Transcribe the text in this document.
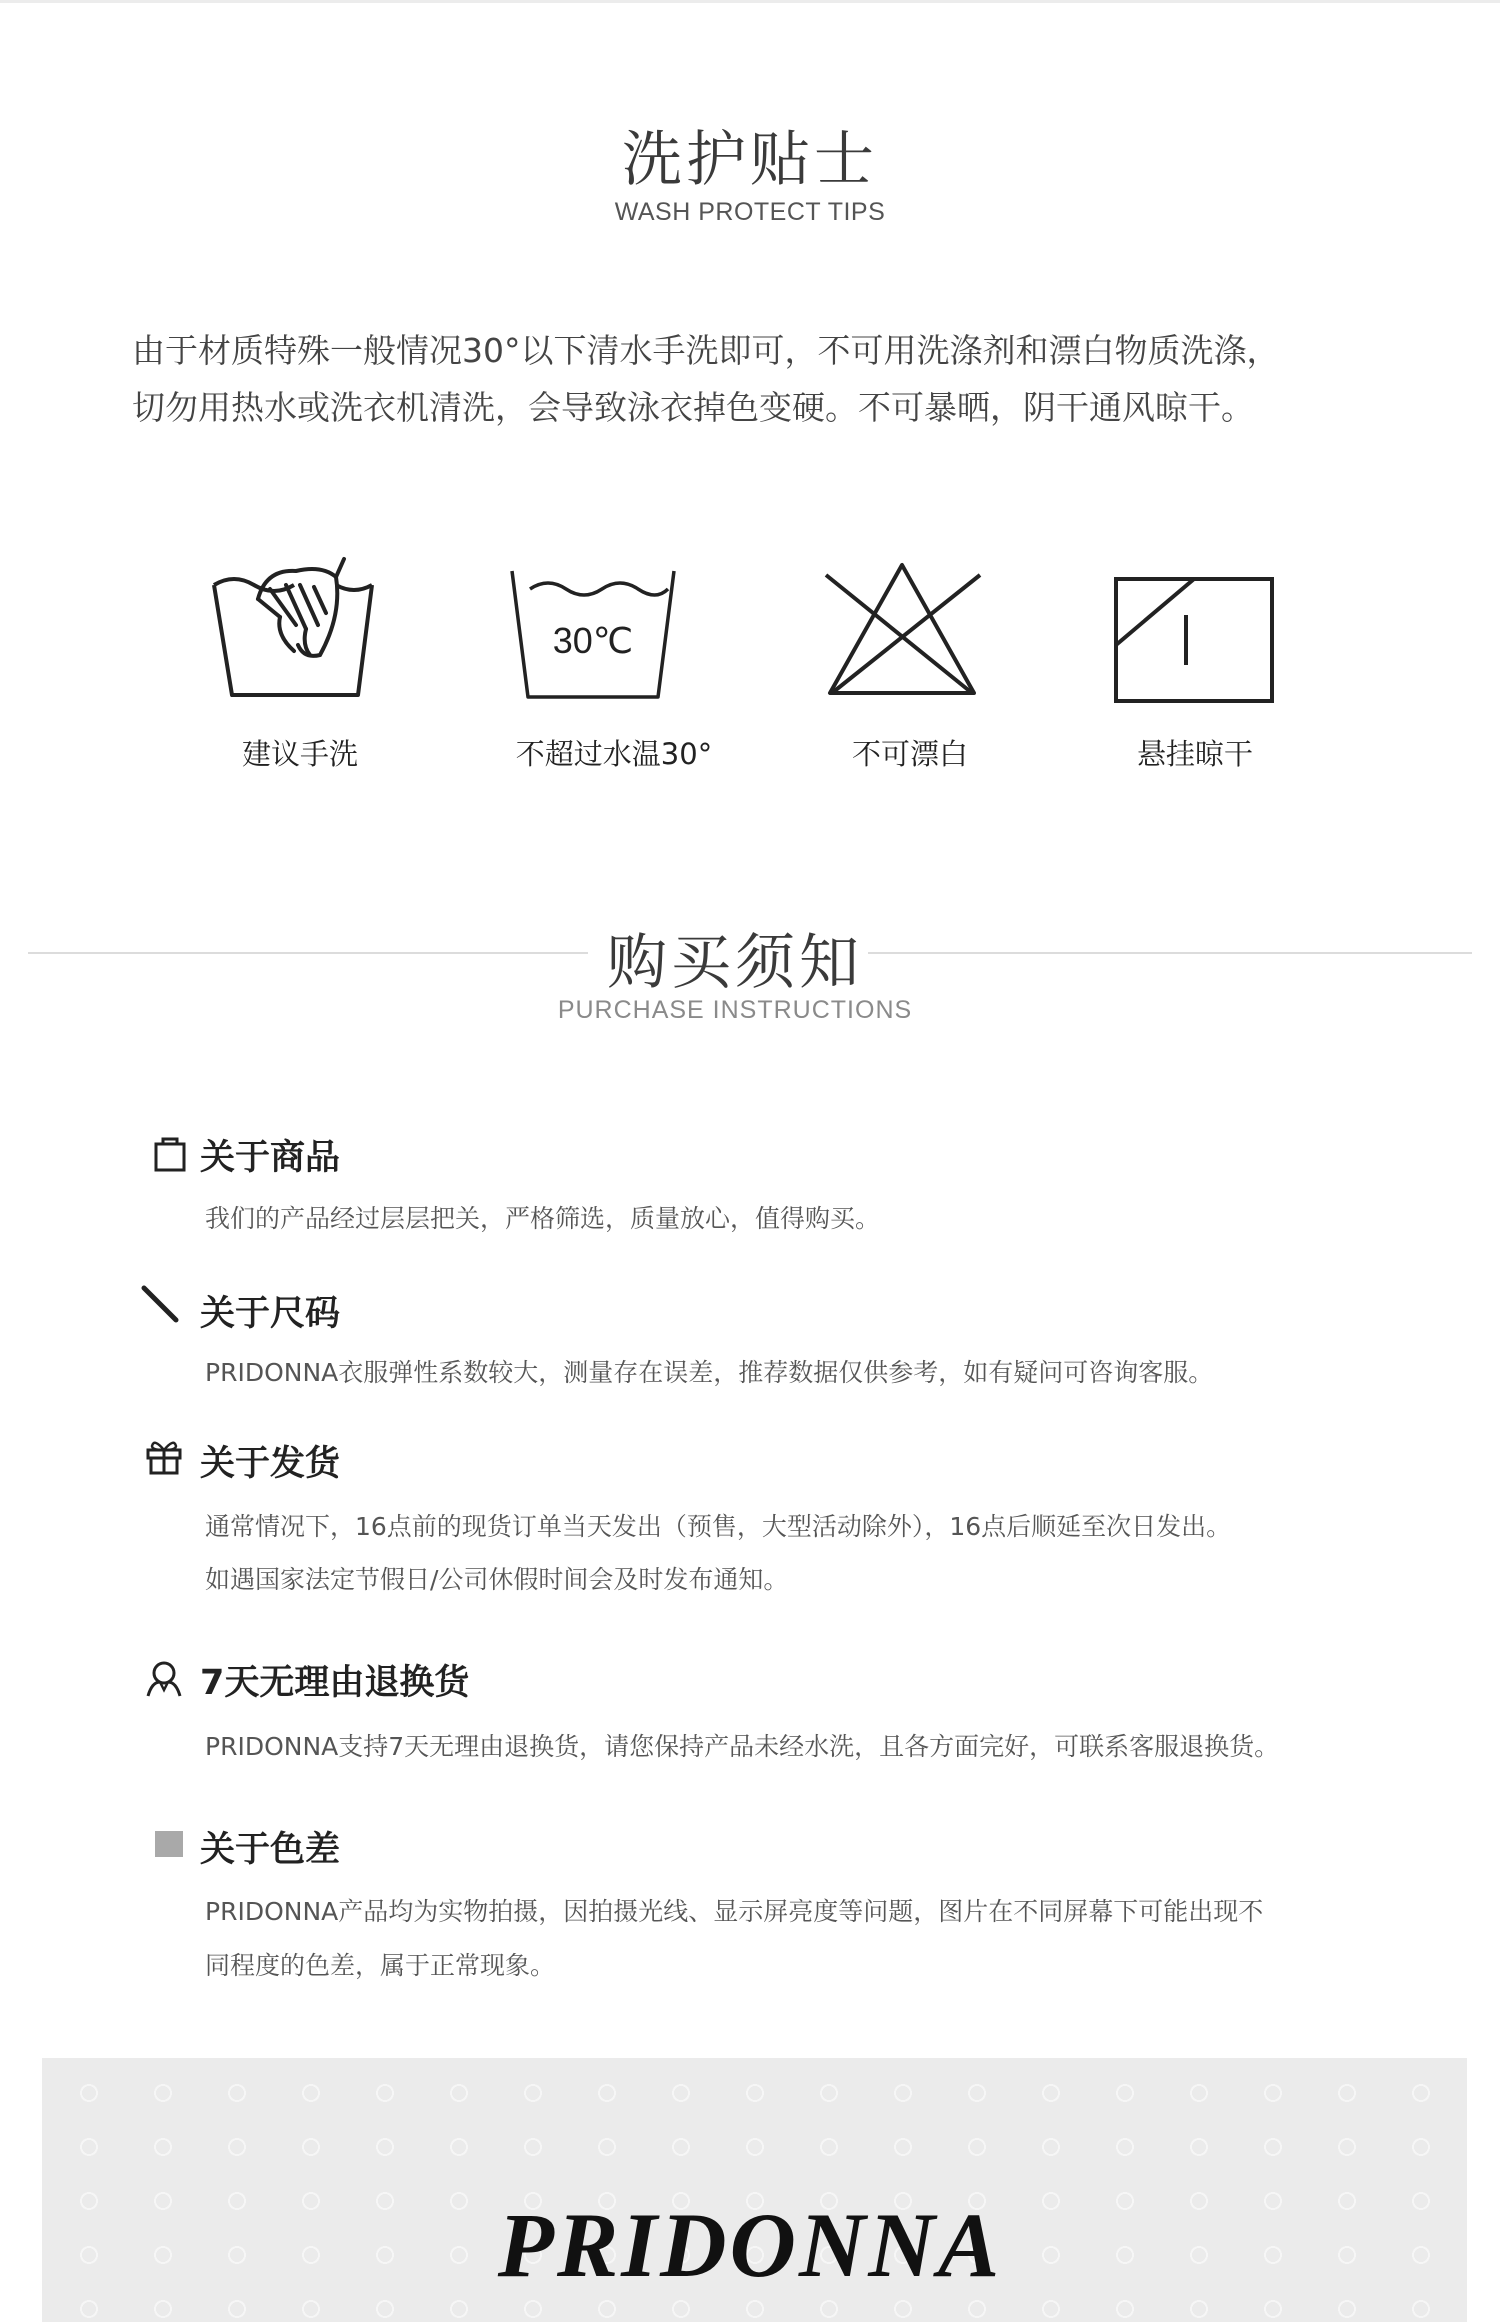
洗护贴士
WASH PROTECT TIPS
由于材质特殊一般情况30°以下清水手洗即可，不可用洗涤剂和漂白物质洗涤，
切勿用热水或洗衣机清洗，会导致泳衣掉色变硬。不可暴晒，阴干通风晾干。
30℃
建议手洗	不超过水温30°	不可漂白	悬挂晾干
购买须知
PURCHASE INSTRUCTIONS
关于商品
我们的产品经过层层把关，严格筛选，质量放心，值得购买。
关于尺码
PRIDONNA衣服弹性系数较大，测量存在误差，推荐数据仅供参考，如有疑问可咨询客服。
关于发货
通常情况下，16点前的现货订单当天发出（预售，大型活动除外），16点后顺延至次日发出。
如遇国家法定节假日/公司休假时间会及时发布通知。
7天无理由退换货
PRIDONNA支持7天无理由退换货，请您保持产品未经水洗，且各方面完好，可联系客服退换货。
关于色差
PRIDONNA产品均为实物拍摄，因拍摄光线、显示屏亮度等问题，图片在不同屏幕下可能出现不
同程度的色差，属于正常现象。
PRIDONNA
